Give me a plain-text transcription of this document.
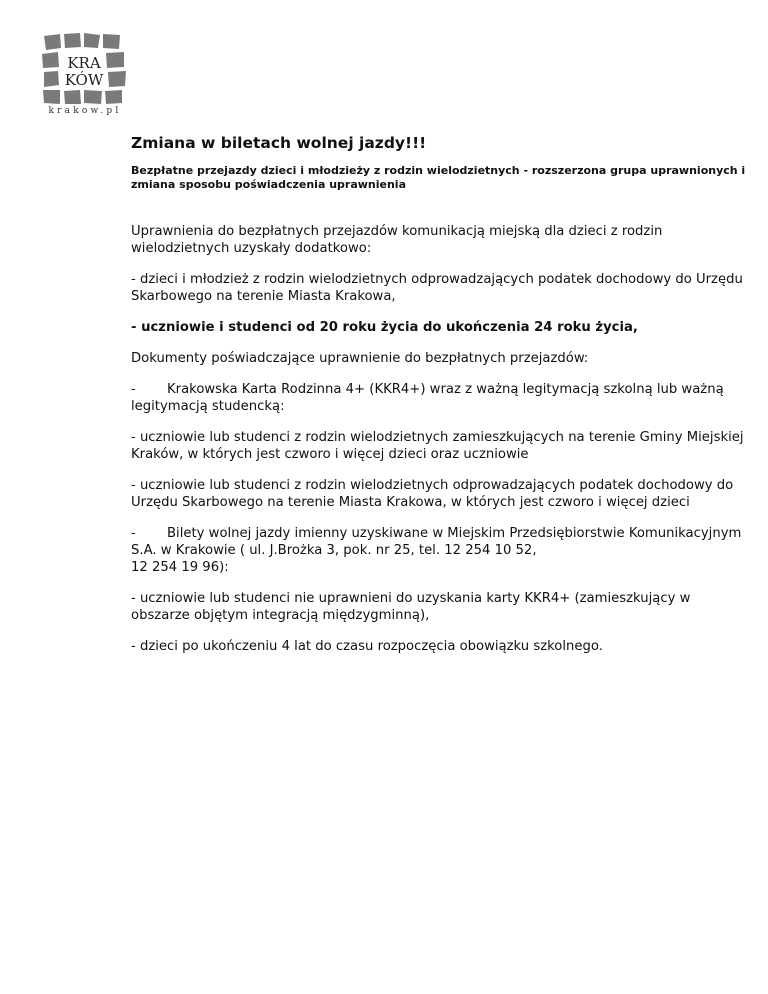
KRA
KÓW
krakow.pl
Zmiana w biletach wolnej jazdy!!!

Bezpłatne przejazdy dzieci i młodzieży z rodzin wielodzietnych - rozszerzona grupa uprawnionych i zmiana sposobu poświadczenia uprawnienia

Uprawnienia do bezpłatnych przejazdów komunikacją miejską dla dzieci z rodzin wielodzietnych uzyskały dodatkowo:

- dzieci i młodzież z rodzin wielodzietnych odprowadzających podatek dochodowy do Urzędu Skarbowego na terenie Miasta Krakowa,

- uczniowie i studenci od 20 roku życia do ukończenia 24 roku życia,

Dokumenty poświadczające uprawnienie do bezpłatnych przejazdów:

- Krakowska Karta Rodzinna 4+ (KKR4+) wraz z ważną legitymacją szkolną lub ważną legitymacją studencką:

- uczniowie lub studenci z rodzin wielodzietnych zamieszkujących na terenie Gminy Miejskiej Kraków, w których jest czworo i więcej dzieci oraz uczniowie

- uczniowie lub studenci z rodzin wielodzietnych odprowadzających podatek dochodowy do Urzędu Skarbowego na terenie Miasta Krakowa, w których jest czworo i więcej dzieci

- Bilety wolnej jazdy imienny uzyskiwane w Miejskim Przedsiębiorstwie Komunikacyjnym S.A. w Krakowie ( ul. J.Brożka 3, pok. nr 25, tel. 12 254 10 52,
12 254 19 96):

- uczniowie lub studenci nie uprawnieni do uzyskania karty KKR4+ (zamieszkujący w obszarze objętym integracją międzygminną),

- dzieci po ukończeniu 4 lat do czasu rozpoczęcia obowiązku szkolnego.
